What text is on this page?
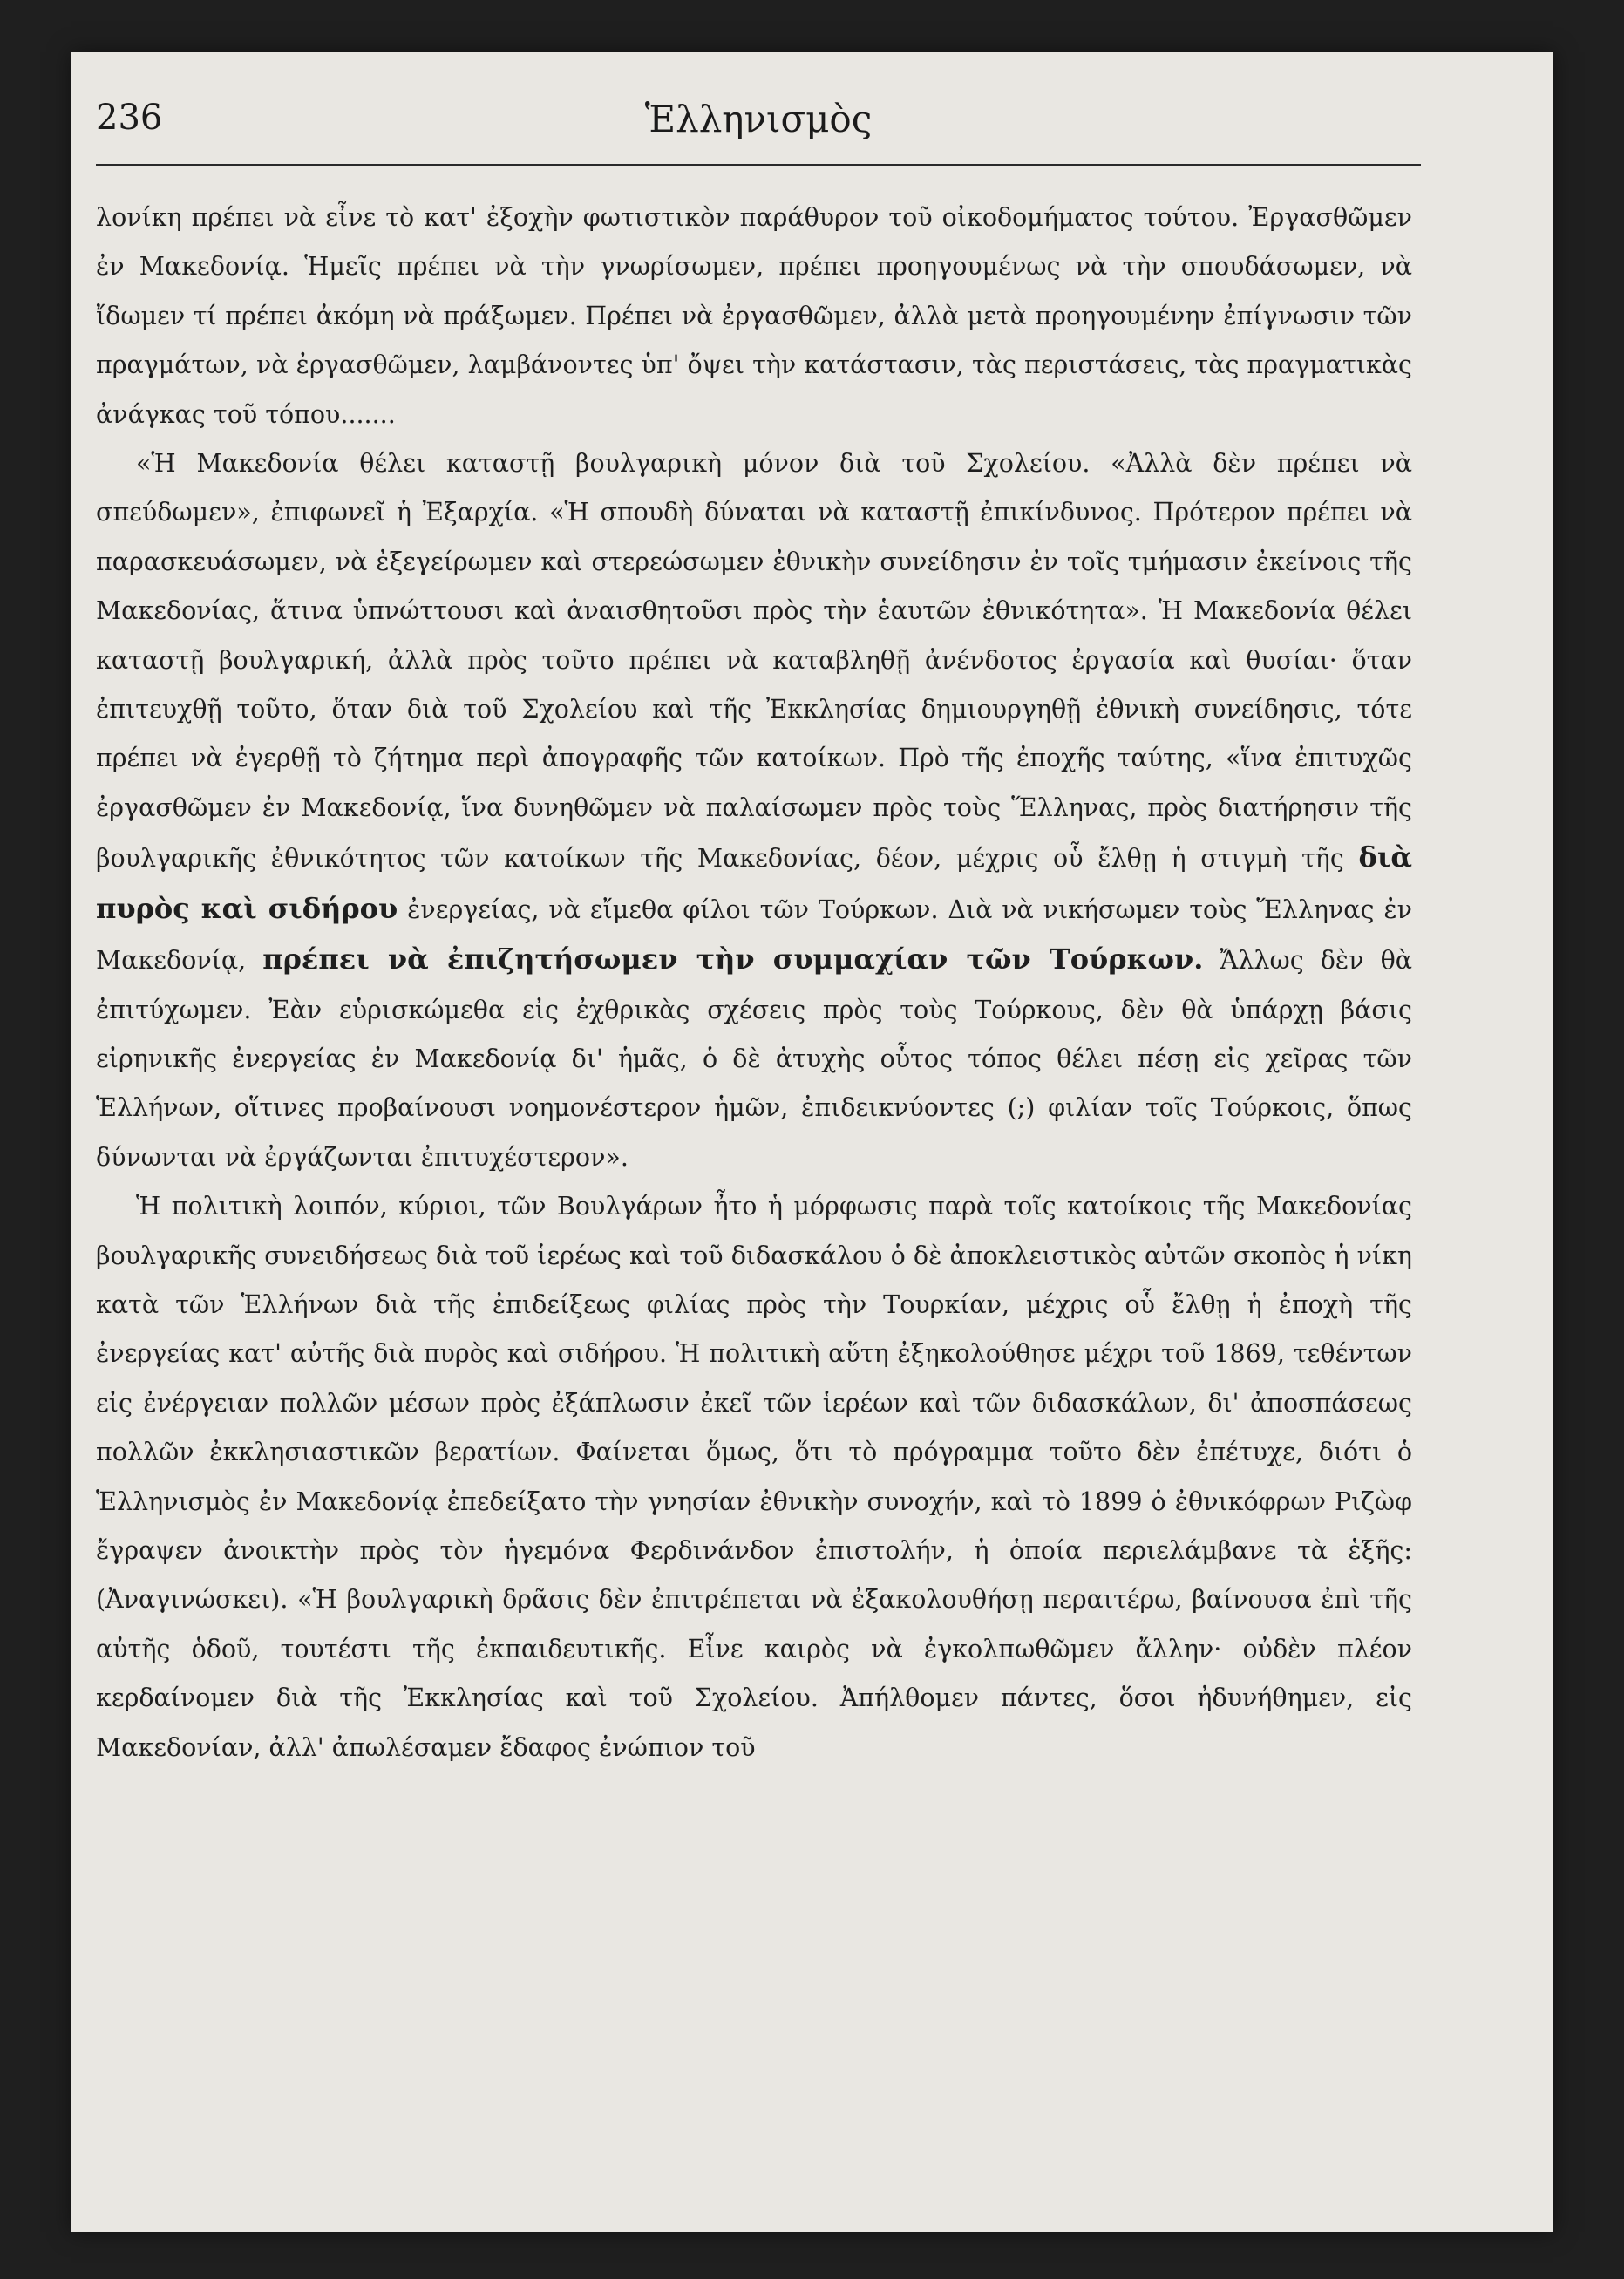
236	Ἑλληνισμὸς

λονίκη πρέπει νὰ εἶνε τὸ κατ' ἐξοχὴν φωτιστικὸν παράθυρον τοῦ οἰκοδομήματος τούτου. Ἐργασθῶμεν ἐν Μακεδονίᾳ. Ἡμεῖς πρέπει νὰ τὴν γνωρίσωμεν, πρέπει προηγουμένως νὰ τὴν σπουδάσωμεν, νὰ ἴδωμεν τί πρέπει ἀκόμη νὰ πράξωμεν. Πρέπει νὰ ἐργασθῶμεν, ἀλλὰ μετὰ προηγουμένην ἐπίγνωσιν τῶν πραγμάτων, νὰ ἐργασθῶμεν, λαμβάνοντες ὑπ' ὄψει τὴν κατάστασιν, τὰς περιστάσεις, τὰς πραγματικὰς ἀνάγκας τοῦ τόπου.......

«Ἡ Μακεδονία θέλει καταστῇ βουλγαρικὴ μόνον διὰ τοῦ Σχολείου. «Ἀλλὰ δὲν πρέπει νὰ σπεύδωμεν», ἐπιφωνεῖ ἡ Ἐξαρχία. «Ἡ σπουδὴ δύναται νὰ καταστῇ ἐπικίνδυνος. Πρότερον πρέπει νὰ παρασκευάσωμεν, νὰ ἐξεγείρωμεν καὶ στερεώσωμεν ἐθνικὴν συνείδησιν ἐν τοῖς τμήμασιν ἐκείνοις τῆς Μακεδονίας, ἅτινα ὑπνώττουσι καὶ ἀναισθητοῦσι πρὸς τὴν ἑαυτῶν ἐθνικότητα». Ἡ Μακεδονία θέλει καταστῇ βουλγαρική, ἀλλὰ πρὸς τοῦτο πρέπει νὰ καταβληθῇ ἀνένδοτος ἐργασία καὶ θυσίαι· ὅταν ἐπιτευχθῇ τοῦτο, ὅταν διὰ τοῦ Σχολείου καὶ τῆς Ἐκκλησίας δημιουργηθῇ ἐθνικὴ συνείδησις, τότε πρέπει νὰ ἐγερθῇ τὸ ζήτημα περὶ ἀπογραφῆς τῶν κατοίκων. Πρὸ τῆς ἐποχῆς ταύτης, «ἵνα ἐπιτυχῶς ἐργασθῶμεν ἐν Μακεδονίᾳ, ἵνα δυνηθῶμεν νὰ παλαίσωμεν πρὸς τοὺς Ἕλληνας, πρὸς διατήρησιν τῆς βουλγαρικῆς ἐθνικότητος τῶν κατοίκων τῆς Μακεδονίας, δέον, μέχρις οὗ ἔλθῃ ἡ στιγμὴ τῆς διὰ πυρὸς καὶ σιδήρου ἐνεργείας, νὰ εἴμεθα φίλοι τῶν Τούρκων. Διὰ νὰ νικήσωμεν τοὺς Ἕλληνας ἐν Μακεδονίᾳ, πρέπει νὰ ἐπιζητήσωμεν τὴν συμμαχίαν τῶν Τούρκων. Ἄλλως δὲν θὰ ἐπιτύχωμεν. Ἐὰν εὑρισκώμεθα εἰς ἐχθρικὰς σχέσεις πρὸς τοὺς Τούρκους, δὲν θὰ ὑπάρχῃ βάσις εἰρηνικῆς ἐνεργείας ἐν Μακεδονίᾳ δι' ἡμᾶς, ὁ δὲ ἀτυχὴς οὗτος τόπος θέλει πέσῃ εἰς χεῖρας τῶν Ἑλλήνων, οἵτινες προβαίνουσι νοημονέστερον ἡμῶν, ἐπιδεικνύοντες (;) φιλίαν τοῖς Τούρκοις, ὅπως δύνωνται νὰ ἐργάζωνται ἐπιτυχέστερον».

Ἡ πολιτικὴ λοιπόν, κύριοι, τῶν Βουλγάρων ἦτο ἡ μόρφωσις παρὰ τοῖς κατοίκοις τῆς Μακεδονίας βουλγαρικῆς συνειδήσεως διὰ τοῦ ἱερέως καὶ τοῦ διδασκάλου ὁ δὲ ἀποκλειστικὸς αὐτῶν σκοπὸς ἡ νίκη κατὰ τῶν Ἑλλήνων διὰ τῆς ἐπιδείξεως φιλίας πρὸς τὴν Τουρκίαν, μέχρις οὗ ἔλθῃ ἡ ἐποχὴ τῆς ἐνεργείας κατ' αὐτῆς διὰ πυρὸς καὶ σιδήρου. Ἡ πολιτικὴ αὕτη ἐξηκολούθησε μέχρι τοῦ 1869, τεθέντων εἰς ἐνέργειαν πολλῶν μέσων πρὸς ἐξάπλωσιν ἐκεῖ τῶν ἱερέων καὶ τῶν διδασκάλων, δι' ἀποσπάσεως πολλῶν ἐκκλησιαστικῶν βερατίων. Φαίνεται ὅμως, ὅτι τὸ πρόγραμμα τοῦτο δὲν ἐπέτυχε, διότι ὁ Ἑλληνισμὸς ἐν Μακεδονίᾳ ἐπεδείξατο τὴν γνησίαν ἐθνικὴν συνοχήν, καὶ τὸ 1899 ὁ ἐθνικόφρων Ριζὼφ ἔγραψεν ἀνοικτὴν πρὸς τὸν ἡγεμόνα Φερδινάνδον ἐπιστολήν, ἡ ὁποία περιελάμβανε τὰ ἑξῆς: (Ἀναγινώσκει). «Ἡ βουλγαρικὴ δρᾶσις δὲν ἐπιτρέπεται νὰ ἐξακολουθήσῃ περαιτέρω, βαίνουσα ἐπὶ τῆς αὐτῆς ὁδοῦ, τουτέστι τῆς ἐκπαιδευτικῆς. Εἶνε καιρὸς νὰ ἐγκολπωθῶμεν ἄλλην· οὐδὲν πλέον κερδαίνομεν διὰ τῆς Ἐκκλησίας καὶ τοῦ Σχολείου. Ἀπήλθομεν πάντες, ὅσοι ἠδυνήθημεν, εἰς Μακεδονίαν, ἀλλ' ἀπωλέσαμεν ἔδαφος ἐνώπιον τοῦ
